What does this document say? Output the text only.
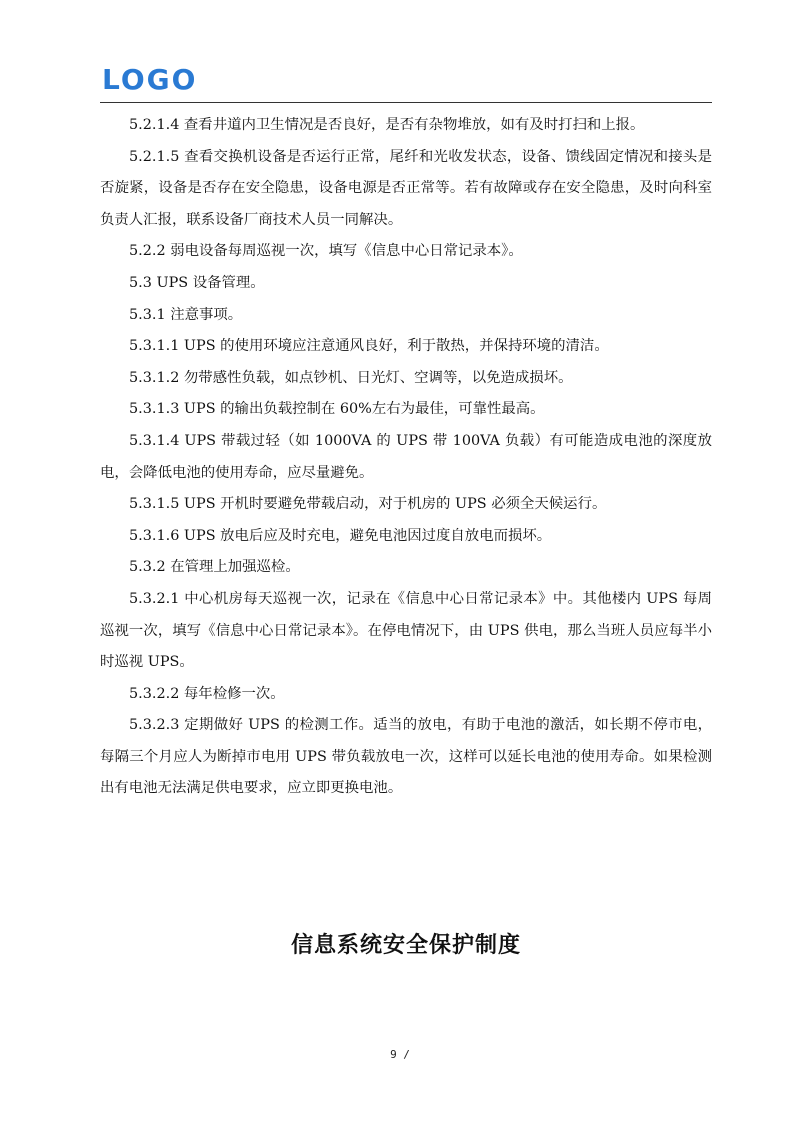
LOGO

5.2.1.4 查看井道内卫生情况是否良好，是否有杂物堆放，如有及时打扫和上报。

5.2.1.5 查看交换机设备是否运行正常，尾纤和光收发状态，设备、馈线固定情况和接头是否旋紧，设备是否存在安全隐患，设备电源是否正常等。若有故障或存在安全隐患，及时向科室负责人汇报，联系设备厂商技术人员一同解决。

5.2.2 弱电设备每周巡视一次，填写《信息中心日常记录本》。

5.3 UPS 设备管理。

5.3.1 注意事项。

5.3.1.1 UPS 的使用环境应注意通风良好，利于散热，并保持环境的清洁。

5.3.1.2 勿带感性负载，如点钞机、日光灯、空调等，以免造成损坏。

5.3.1.3 UPS 的输出负载控制在 60%左右为最佳，可靠性最高。

5.3.1.4 UPS 带载过轻（如 1000VA 的 UPS 带 100VA 负载）有可能造成电池的深度放电，会降低电池的使用寿命，应尽量避免。

5.3.1.5 UPS 开机时要避免带载启动，对于机房的 UPS 必须全天候运行。

5.3.1.6 UPS 放电后应及时充电，避免电池因过度自放电而损坏。

5.3.2 在管理上加强巡检。

5.3.2.1 中心机房每天巡视一次，记录在《信息中心日常记录本》中。其他楼内 UPS 每周巡视一次，填写《信息中心日常记录本》。在停电情况下，由 UPS 供电，那么当班人员应每半小时巡视 UPS。

5.3.2.2 每年检修一次。

5.3.2.3 定期做好 UPS 的检测工作。适当的放电，有助于电池的激活，如长期不停市电，每隔三个月应人为断掉市电用 UPS 带负载放电一次，这样可以延长电池的使用寿命。如果检测出有电池无法满足供电要求，应立即更换电池。

信息系统安全保护制度
9 /
